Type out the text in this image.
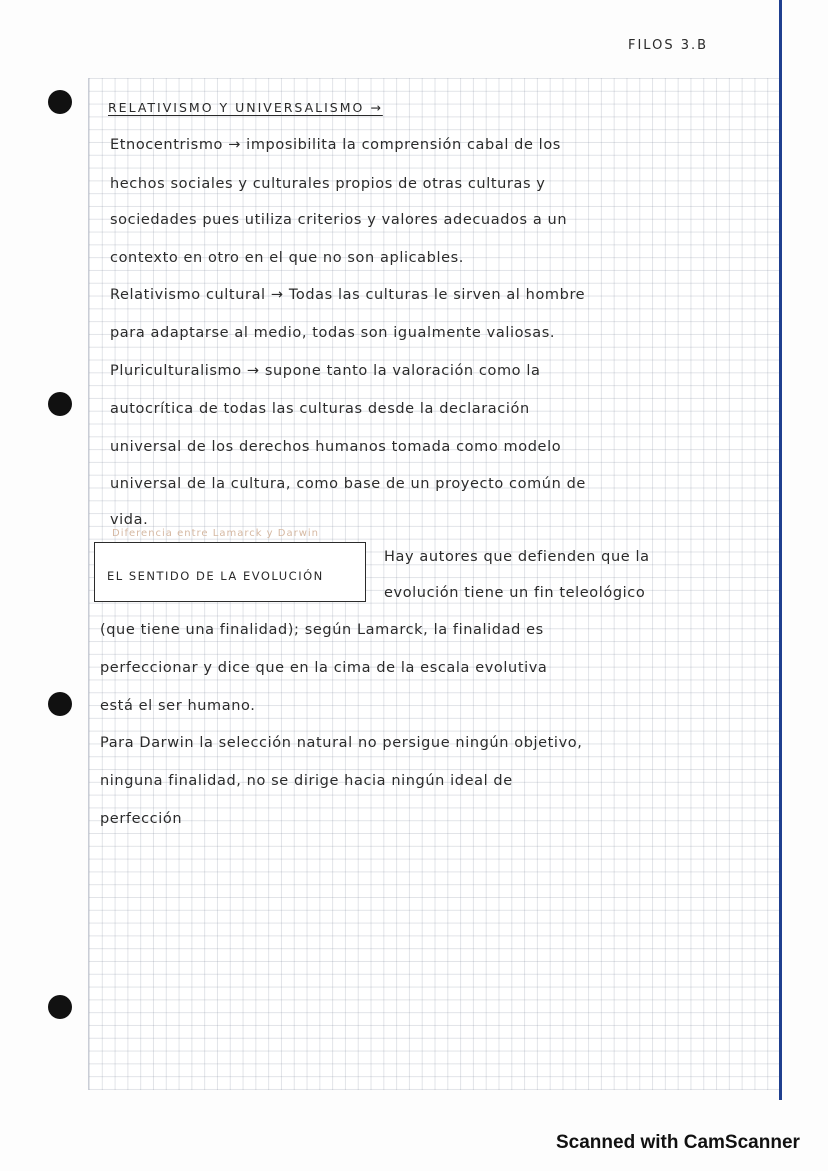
FILOS 3.B
RELATIVISMO Y UNIVERSALISMO →
Etnocentrismo → imposibilita la comprensión cabal de los
hechos sociales y culturales propios de otras culturas y
sociedades pues utiliza criterios y valores adecuados a un
contexto en otro en el que no son aplicables.
Relativismo cultural → Todas las culturas le sirven al hombre
para adaptarse al medio, todas son igualmente valiosas.
Pluriculturalismo → supone tanto la valoración como la
autocrítica de todas las culturas desde la declaración
universal de los derechos humanos tomada como modelo
universal de la cultura, como base de un proyecto común de
vida.
Diferencia entre Lamarck y Darwin
EL SENTIDO DE LA EVOLUCIÓN
Hay autores que defienden que la
evolución tiene un fin teleológico
(que tiene una finalidad); según Lamarck, la finalidad es
perfeccionar y dice que en la cima de la escala evolutiva
está el ser humano.
Para Darwin la selección natural no persigue ningún objetivo,
ninguna finalidad, no se dirige hacia ningún ideal de
perfección
Scanned with CamScanner
